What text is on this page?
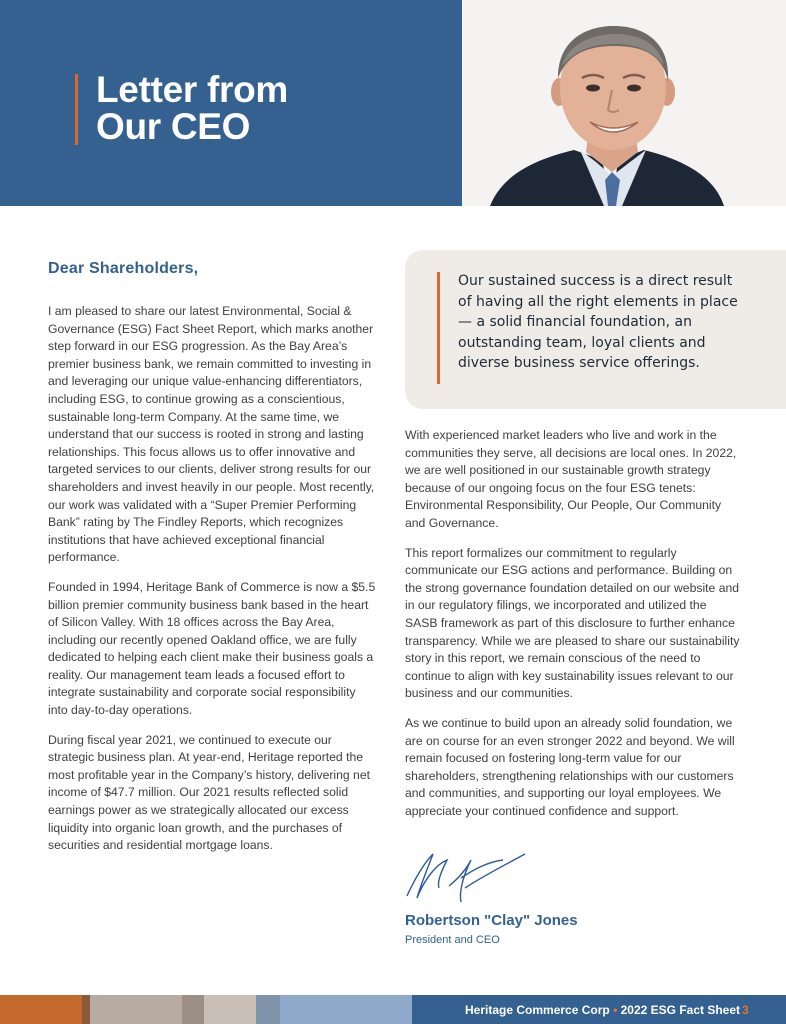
Letter from
Our CEO
Dear Shareholders,

I am pleased to share our latest Environmental, Social & Governance (ESG) Fact Sheet Report, which marks another step forward in our ESG progression. As the Bay Area’s premier business bank, we remain committed to investing in and leveraging our unique value-enhancing differentiators, including ESG, to continue growing as a conscientious, sustainable long-term Company. At the same time, we understand that our success is rooted in strong and lasting relationships. This focus allows us to offer innovative and targeted services to our clients, deliver strong results for our shareholders and invest heavily in our people. Most recently, our work was validated with a “Super Premier Performing Bank” rating by The Findley Reports, which recognizes institutions that have achieved exceptional financial performance.

Founded in 1994, Heritage Bank of Commerce is now a $5.5 billion premier community business bank based in the heart of Silicon Valley. With 18 offices across the Bay Area, including our recently opened Oakland office, we are fully dedicated to helping each client make their business goals a reality. Our management team leads a focused effort to integrate sustainability and corporate social responsibility into day-to-day operations.

During fiscal year 2021, we continued to execute our strategic business plan. At year-end, Heritage reported the most profitable year in the Company’s history, delivering net income of $47.7 million. Our 2021 results reflected solid earnings power as we strategically allocated our excess liquidity into organic loan growth, and the purchases of securities and residential mortgage loans.

Our sustained success is a direct result of having all the right elements in place — a solid financial foundation, an outstanding team, loyal clients and diverse business service offerings.

With experienced market leaders who live and work in the communities they serve, all decisions are local ones. In 2022, we are well positioned in our sustainable growth strategy because of our ongoing focus on the four ESG tenets: Environmental Responsibility, Our People, Our Community and Governance.

This report formalizes our commitment to regularly communicate our ESG actions and performance. Building on the strong governance foundation detailed on our website and in our regulatory filings, we incorporated and utilized the SASB framework as part of this disclosure to further enhance transparency. While we are pleased to share our sustainability story in this report, we remain conscious of the need to continue to align with key sustainability issues relevant to our business and our communities.

As we continue to build upon an already solid foundation, we are on course for an even stronger 2022 and beyond. We will remain focused on fostering long-term value for our shareholders, strengthening relationships with our customers and communities, and supporting our loyal employees. We appreciate your continued confidence and support.

Robertson "Clay" Jones

President and CEO

Heritage Commerce Corp • 2022 ESG Fact Sheet 3
